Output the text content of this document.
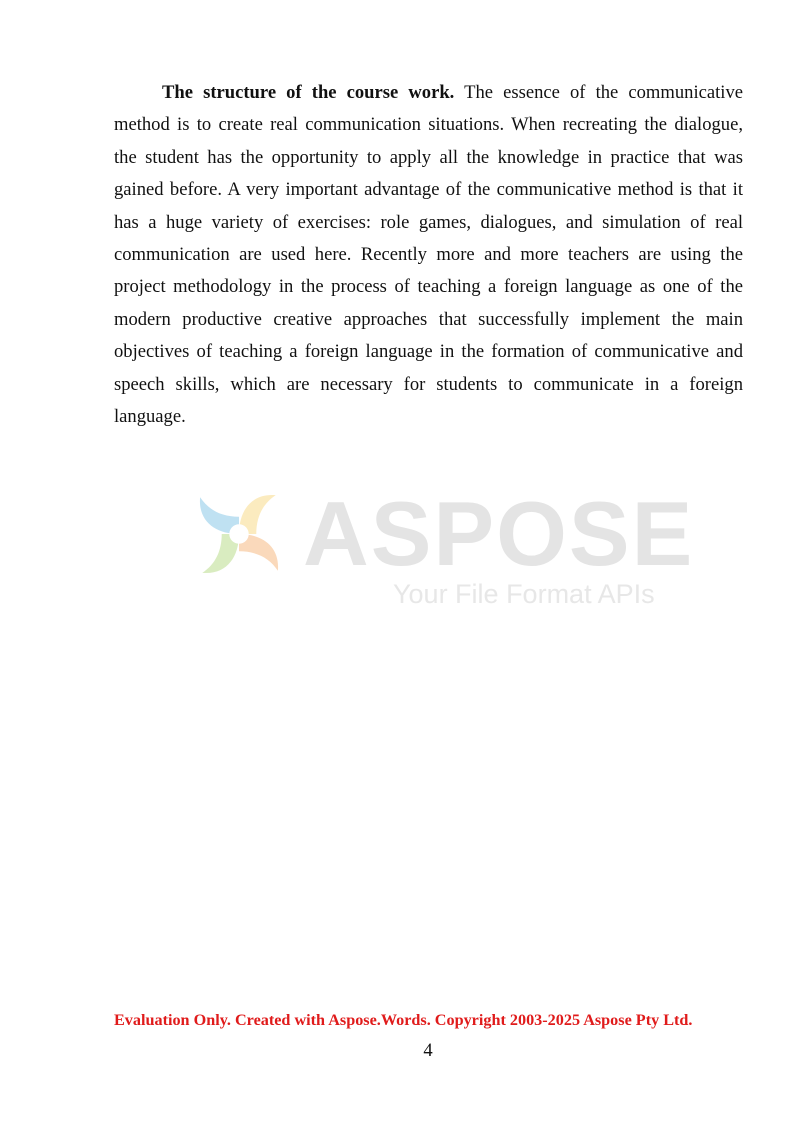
The structure of the course work. The essence of the communicative method is to create real communication situations. When recreating the dialogue, the student has the opportunity to apply all the knowledge in practice that was gained before. A very important advantage of the communicative method is that it has a huge variety of exercises: role games, dialogues, and simulation of real communication are used here. Recently more and more teachers are using the project methodology in the process of teaching a foreign language as one of the modern productive creative approaches that successfully implement the main objectives of teaching a foreign language in the formation of communicative and speech skills, which are necessary for students to communicate in a foreign language.

ASPOSE
Your File Format APIs

Evaluation Only. Created with Aspose.Words. Copyright 2003-2025 Aspose Pty Ltd.

4
